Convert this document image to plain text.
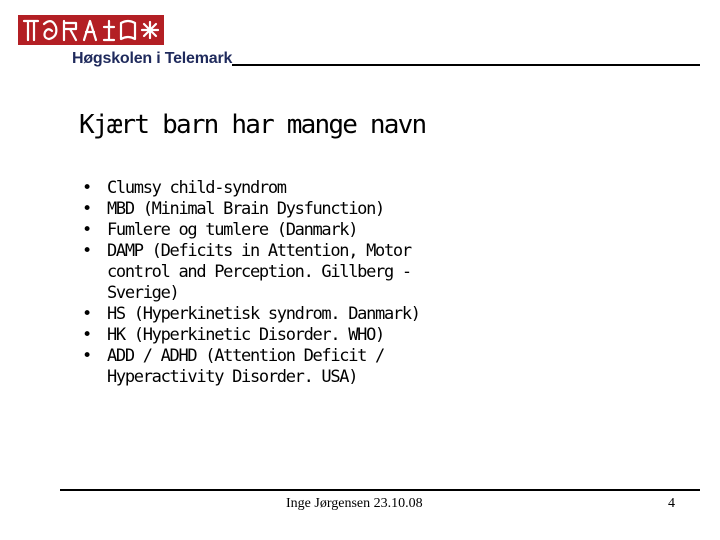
Høgskolen i Telemark
Kjært barn har mange navn
• Clumsy child-syndrom
• MBD (Minimal Brain Dysfunction)
• Fumlere og tumlere (Danmark)
• DAMP (Deficits in Attention, Motor control and Perception. Gillberg - Sverige)
• HS (Hyperkinetisk syndrom. Danmark)
• HK (Hyperkinetic Disorder. WHO)
• ADD / ADHD (Attention Deficit / Hyperactivity Disorder. USA)
Inge Jørgensen 23.10.08	4
